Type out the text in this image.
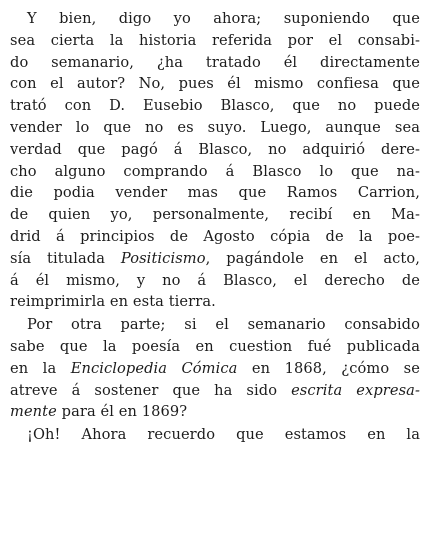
Y bien, digo yo ahora; suponiendo que
sea cierta la historia referida por el consabi-
do semanario, ¿ha tratado él directamente
con el autor? No, pues él mismo confiesa que
trató con D. Eusebio Blasco, que no puede
vender lo que no es suyo. Luego, aunque sea
verdad que pagó á Blasco, no adquirió dere-
cho alguno comprando á Blasco lo que na-
die podia vender mas que Ramos Carrion,
de quien yo, personalmente, recibí en Ma-
drid á principios de Agosto cópia de la poe-
sía titulada Positicismo, pagándole en el acto,
á él mismo, y no á Blasco, el derecho de
reimprimirla en esta tierra.
Por otra parte; si el semanario consabido
sabe que la poesía en cuestion fué publicada
en la Enciclopedia Cómica en 1868, ¿cómo se
atreve á sostener que ha sido escrita expresa-
mente para él en 1869?
¡Oh! Ahora recuerdo que estamos en la
